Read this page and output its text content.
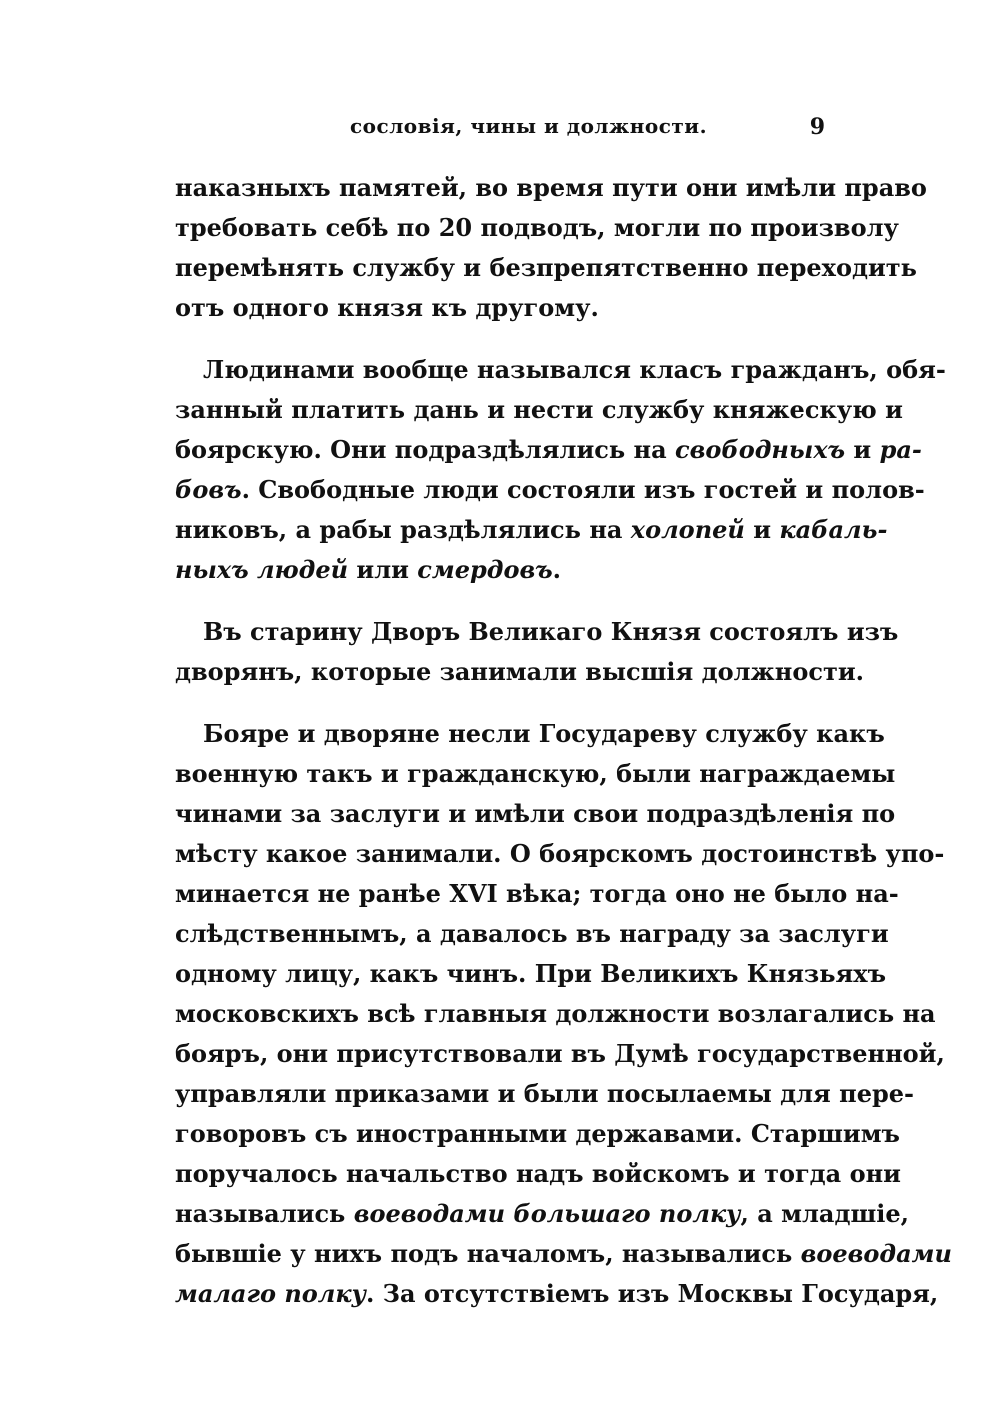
сословія, чины и должности.	9
наказныхъ памятей, во время пути они имѣли право
требовать себѣ по 20 подводъ, могли по произволу
перемѣнять службу и безпрепятственно переходить
отъ одного князя къ другому.
Людинами вообще назывался класъ гражданъ, обя-
занный платить дань и нести службу княжескую и
боярскую. Они подраздѣлялись на свободныхъ и ра-
бовъ. Свободные люди состояли изъ гостей и полов-
никовъ, а рабы раздѣлялись на холопей и кабаль-
ныхъ людей или смердовъ.
Въ старину Дворъ Великаго Князя состоялъ изъ
дворянъ, которые занимали высшія должности.
Бояре и дворяне несли Государеву службу какъ
военную такъ и гражданскую, были награждаемы
чинами за заслуги и имѣли свои подраздѣленія по
мѣсту какое занимали. О боярскомъ достоинствѣ упо-
минается не ранѣе XVI вѣка; тогда оно не было на-
слѣдственнымъ, а давалось въ награду за заслуги
одному лицу, какъ чинъ. При Великихъ Князьяхъ
московскихъ всѣ главныя должности возлагались на
бояръ, они присутствовали въ Думѣ государственной,
управляли приказами и были посылаемы для пере-
говоровъ съ иностранными державами. Старшимъ
поручалось начальство надъ войскомъ и тогда они
назывались воеводами большаго полку, а младшіе,
бывшіе у нихъ подъ началомъ, назывались воеводами
малаго полку. За отсутствіемъ изъ Москвы Государя,
